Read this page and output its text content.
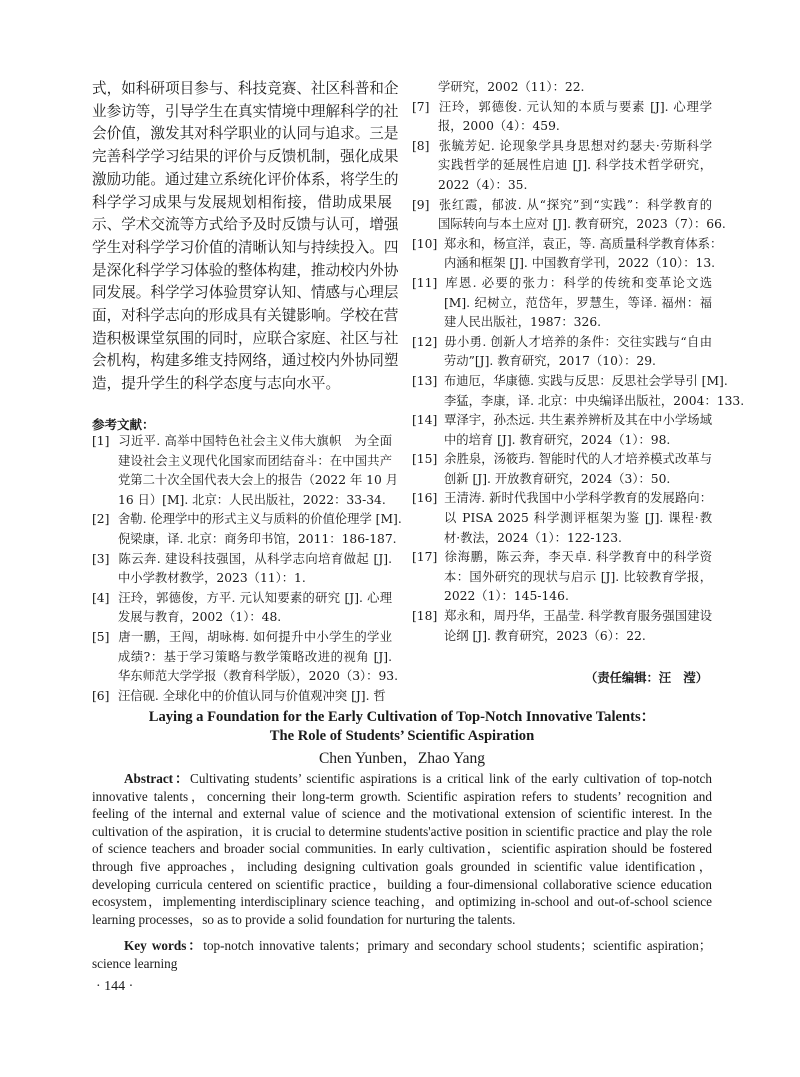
式，如科研项目参与、科技竞赛、社区科普和企
业参访等，引导学生在真实情境中理解科学的社
会价值，激发其对科学职业的认同与追求。三是
完善科学学习结果的评价与反馈机制，强化成果
激励功能。通过建立系统化评价体系，将学生的
科学学习成果与发展规划相衔接，借助成果展
示、学术交流等方式给予及时反馈与认可，增强
学生对科学学习价值的清晰认知与持续投入。四
是深化科学学习体验的整体构建，推动校内外协
同发展。科学学习体验贯穿认知、情感与心理层
面，对科学志向的形成具有关键影响。学校在营
造积极课堂氛围的同时，应联合家庭、社区与社
会机构，构建多维支持网络，通过校内外协同塑
造，提升学生的科学态度与志向水平。
参考文献：
[1] 习近平. 高举中国特色社会主义伟大旗帜　为全面
建设社会主义现代化国家而团结奋斗：在中国共产
党第二十次全国代表大会上的报告（2022 年 10 月
16 日）[M]. 北京：人民出版社，2022：33-34.
[2] 舍勒. 伦理学中的形式主义与质料的价值伦理学 [M].
倪梁康，译. 北京：商务印书馆，2011：186-187.
[3] 陈云奔. 建设科技强国，从科学志向培育做起 [J].
中小学教材教学，2023（11）：1.
[4] 汪玲，郭德俊，方平. 元认知要素的研究 [J]. 心理
发展与教育，2002（1）：48.
[5] 唐一鹏，王闯，胡咏梅. 如何提升中小学生的学业
成绩?：基于学习策略与教学策略改进的视角 [J].
华东师范大学学报（教育科学版），2020（3）：93.
[6] 汪信砚. 全球化中的价值认同与价值观冲突 [J]. 哲
学研究，2002（11）：22.
[7] 汪玲，郭德俊. 元认知的本质与要素 [J]. 心理学
报，2000（4）：459.
[8] 张毓芳妃. 论现象学具身思想对约瑟夫·劳斯科学
实践哲学的延展性启迪 [J]. 科学技术哲学研究，
2022（4）：35.
[9] 张红霞，郁波. 从“探究”到“实践”：科学教育的
国际转向与本土应对 [J]. 教育研究，2023（7）：66.
[10] 郑永和，杨宣洋，袁正，等. 高质量科学教育体系：
内涵和框架 [J]. 中国教育学刊，2022（10）：13.
[11] 库恩. 必要的张力：科学的传统和变革论文选
[M]. 纪树立，范岱年，罗慧生，等译. 福州：福
建人民出版社，1987：326.
[12] 毋小勇. 创新人才培养的条件：交往实践与“自由
劳动”[J]. 教育研究，2017（10）：29.
[13] 布迪厄，华康德. 实践与反思：反思社会学导引 [M].
李猛，李康，译. 北京：中央编译出版社，2004：133.
[14] 覃泽宇，孙杰远. 共生素养辨析及其在中小学场域
中的培育 [J]. 教育研究，2024（1）：98.
[15] 余胜泉，汤筱玙. 智能时代的人才培养模式改革与
创新 [J]. 开放教育研究，2024（3）：50.
[16] 王清涛. 新时代我国中小学科学教育的发展路向：
以 PISA 2025 科学测评框架为鉴 [J]. 课程·教
材·教法，2024（1）：122-123.
[17] 徐海鹏，陈云奔，李天卓. 科学教育中的科学资
本：国外研究的现状与启示 [J]. 比较教育学报，
2022（1）：145-146.
[18] 郑永和，周丹华，王晶莹. 科学教育服务强国建设
论纲 [J]. 教育研究，2023（6）：22.
（责任编辑：汪　滢）
Laying a Foundation for the Early Cultivation of Top-Notch Innovative Talents：
The Role of Students’ Scientific Aspiration
Chen Yunben，Zhao Yang
Abstract：Cultivating students’ scientific aspirations is a critical link of the early cultivation of top-notch innovative talents，concerning their long-term growth. Scientific aspiration refers to students’ recognition and feeling of the internal and external value of science and the motivational extension of scientific interest. In the cultivation of the aspiration，it is crucial to determine students'active position in scientific practice and play the role of science teachers and broader social communities. In early cultivation，scientific aspiration should be fostered through five approaches，including designing cultivation goals grounded in scientific value identification，developing curricula centered on scientific practice，building a four-dimensional collaborative science education ecosystem，implementing interdisciplinary science teaching，and optimizing in-school and out-of-school science learning processes，so as to provide a solid foundation for nurturing the talents.
Key words：top-notch innovative talents；primary and secondary school students；scientific aspiration；science learning
· 144 ·
